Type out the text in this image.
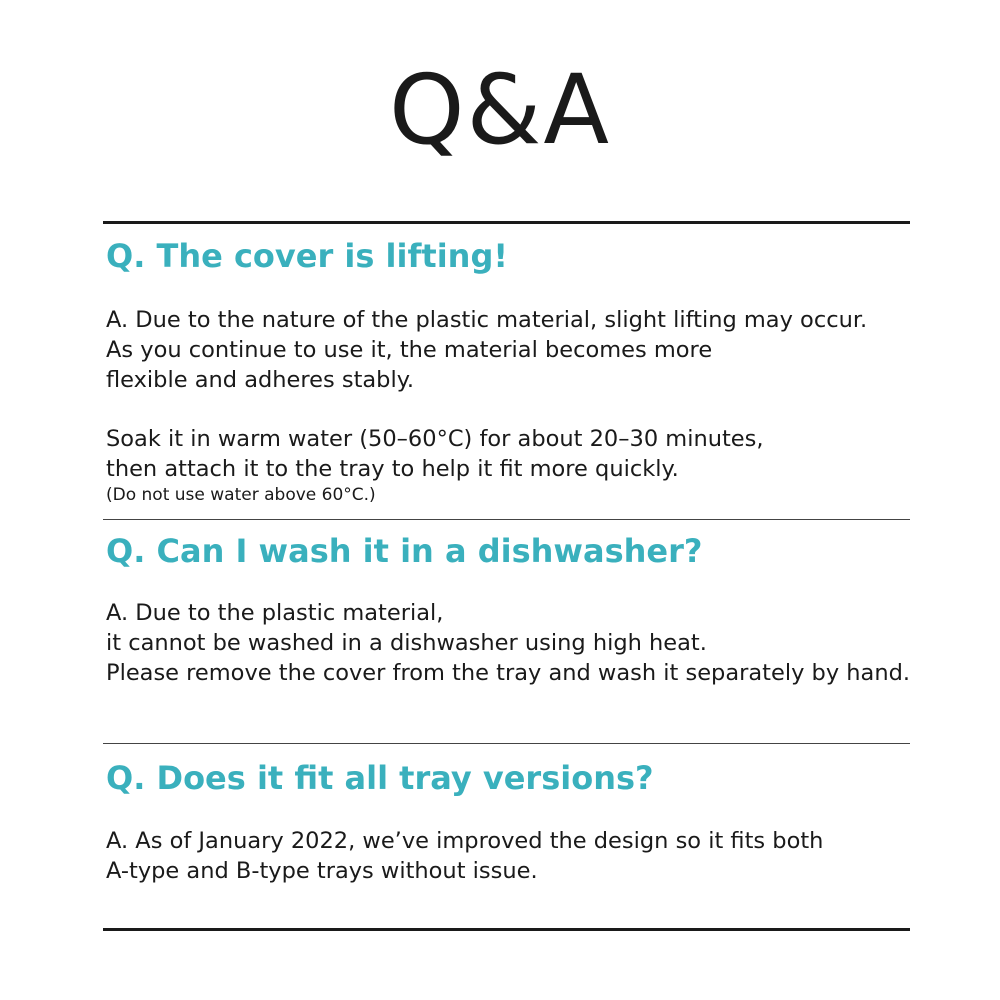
Q&A
Q. The cover is lifting!
A. Due to the nature of the plastic material, slight lifting may occur.
As you continue to use it, the material becomes more
flexible and adheres stably.
Soak it in warm water (50–60°C) for about 20–30 minutes,
then attach it to the tray to help it fit more quickly.
(Do not use water above 60°C.)
Q. Can I wash it in a dishwasher?
A. Due to the plastic material,
it cannot be washed in a dishwasher using high heat.
Please remove the cover from the tray and wash it separately by hand.
Q. Does it fit all tray versions?
A. As of January 2022, we’ve improved the design so it fits both
A-type and B-type trays without issue.
